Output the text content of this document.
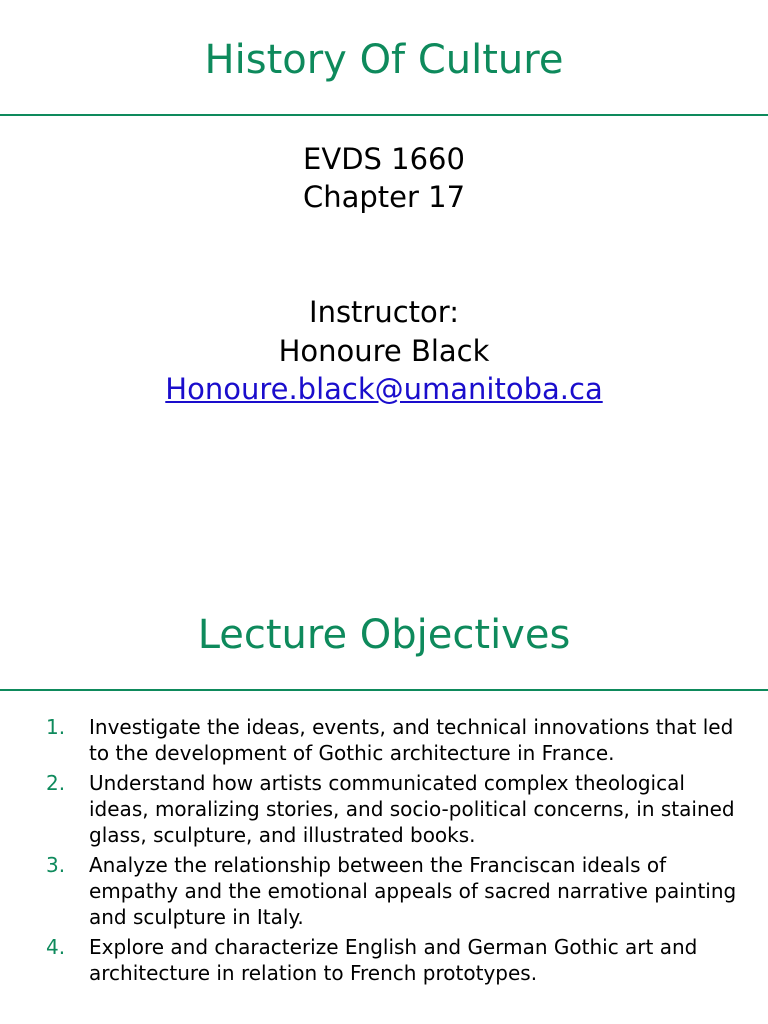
History Of Culture
EVDS 1660
Chapter 17
Instructor:
Honoure Black
Honoure.black@umanitoba.ca
Lecture Objectives
1.	Investigate the ideas, events, and technical innovations that led to the development of Gothic architecture in France.
2.	Understand how artists communicated complex theological ideas, moralizing stories, and socio-political concerns, in stained glass, sculpture, and illustrated books.
3.	Analyze the relationship between the Franciscan ideals of empathy and the emotional appeals of sacred narrative painting and sculpture in Italy.
4.	Explore and characterize English and German Gothic art and architecture in relation to French prototypes.
